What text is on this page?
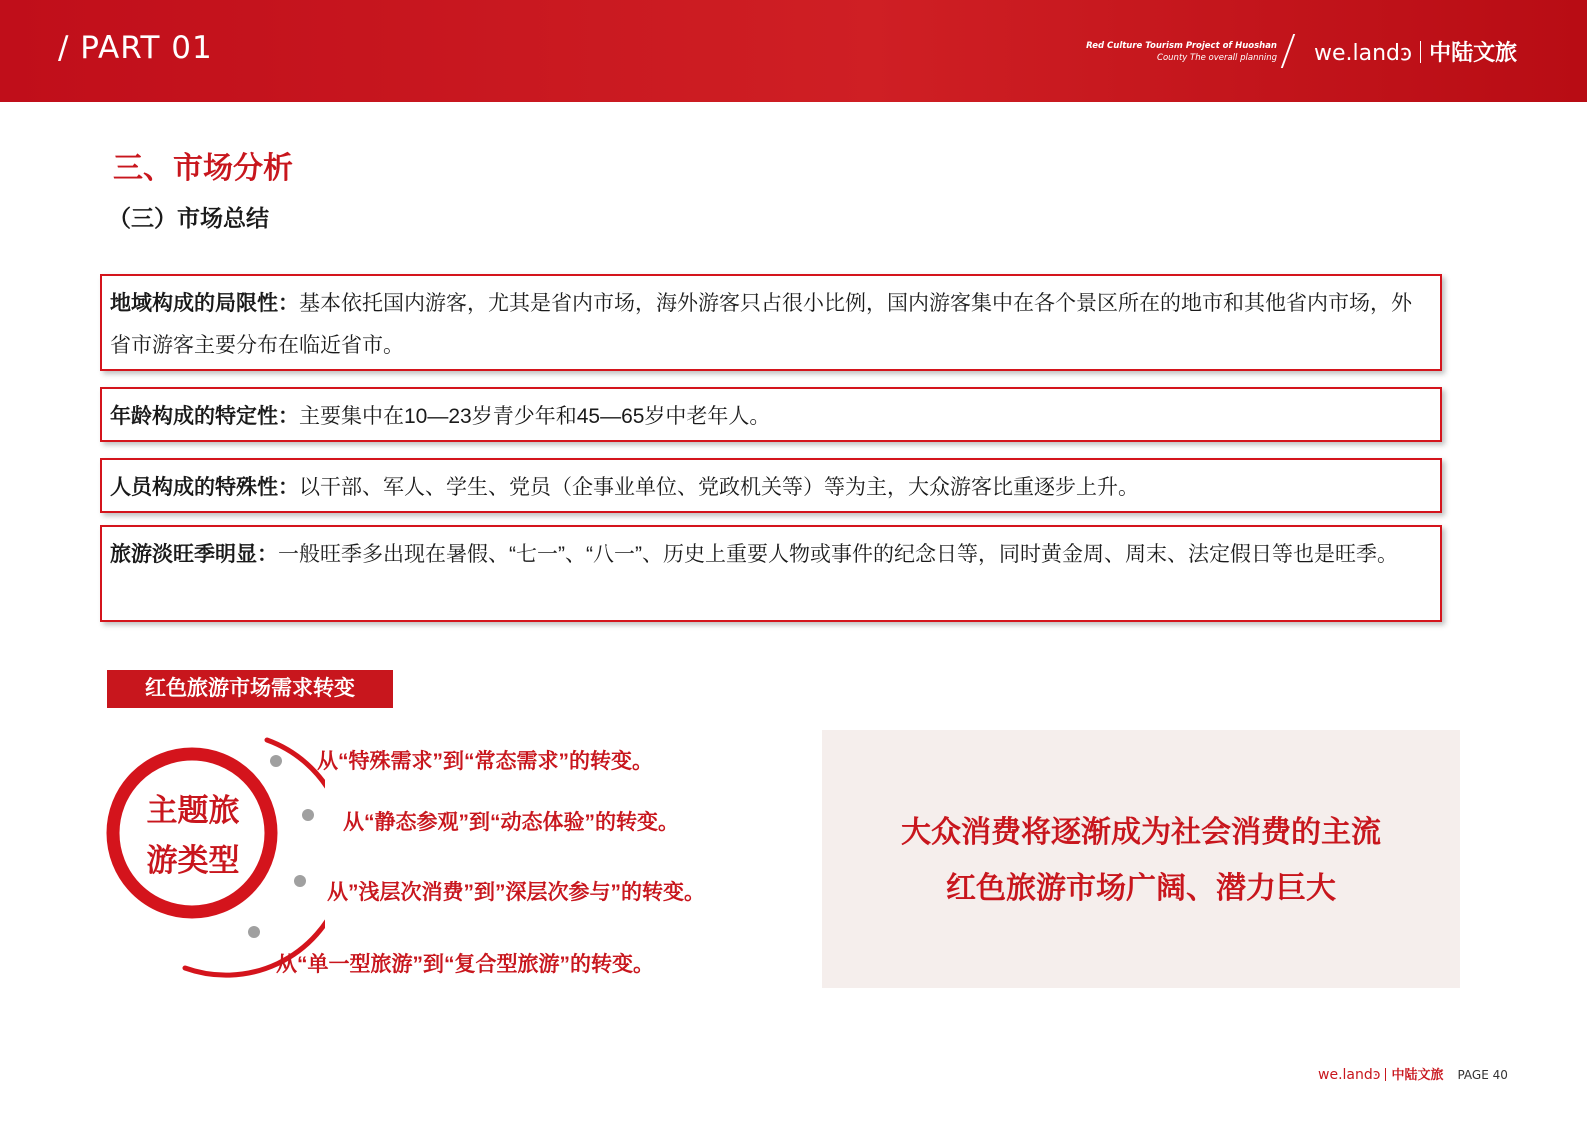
/ PART 01	Red Culture Tourism Project of Huoshan
County The overall planning we.landͽ 中陆文旅
三、市场分析
（三）市场总结
地域构成的局限性：基本依托国内游客，尤其是省内市场，海外游客只占很小比例，国内游客集中在各个景区所在的地市和其他省内市场，外省市游客主要分布在临近省市。
年龄构成的特定性：主要集中在10—23岁青少年和45—65岁中老年人。
人员构成的特殊性：以干部、军人、学生、党员（企事业单位、党政机关等）等为主，大众游客比重逐步上升。
旅游淡旺季明显：一般旺季多出现在暑假、“七一”、“八一”、历史上重要人物或事件的纪念日等，同时黄金周、周末、法定假日等也是旺季。
红色旅游市场需求转变
主题旅
游类型
从“特殊需求”到“常态需求”的转变。
从“静态参观”到“动态体验”的转变。
从”浅层次消费”到”深层次参与”的转变。
从“单一型旅游”到“复合型旅游”的转变。
大众消费将逐渐成为社会消费的主流
红色旅游市场广阔、潜力巨大
we.landͽ 中陆文旅 PAGE 40
